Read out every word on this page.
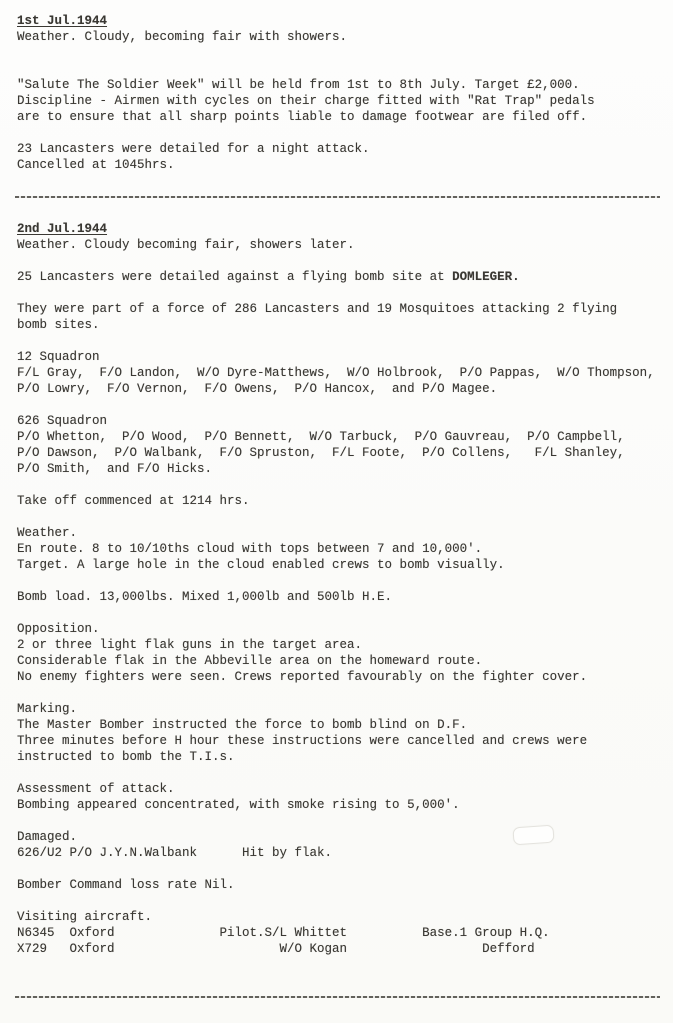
1st Jul.1944
Weather. Cloudy, becoming fair with showers.

"Salute The Soldier Week" will be held from 1st to 8th July. Target £2,000.
Discipline - Airmen with cycles on their charge fitted with "Rat Trap" pedals
are to ensure that all sharp points liable to damage footwear are filed off.

23 Lancasters were detailed for a night attack.
Cancelled at 1045hrs.

2nd Jul.1944
Weather. Cloudy becoming fair, showers later.

25 Lancasters were detailed against a flying bomb site at DOMLEGER.

They were part of a force of 286 Lancasters and 19 Mosquitoes attacking 2 flying
bomb sites.

12 Squadron
F/L Gray,  F/O Landon,  W/O Dyre-Matthews,  W/O Holbrook,  P/O Pappas,  W/O Thompson,
P/O Lowry,  F/O Vernon,  F/O Owens,  P/O Hancox,  and P/O Magee.

626 Squadron
P/O Whetton,  P/O Wood,  P/O Bennett,  W/O Tarbuck,  P/O Gauvreau,  P/O Campbell,
P/O Dawson,  P/O Walbank,  F/O Spruston,  F/L Foote,  P/O Collens,   F/L Shanley,
P/O Smith,  and F/O Hicks.

Take off commenced at 1214 hrs.

Weather.
En route. 8 to 10/10ths cloud with tops between 7 and 10,000'.
Target. A large hole in the cloud enabled crews to bomb visually.

Bomb load. 13,000lbs. Mixed 1,000lb and 500lb H.E.

Opposition.
2 or three light flak guns in the target area.
Considerable flak in the Abbeville area on the homeward route.
No enemy fighters were seen. Crews reported favourably on the fighter cover.

Marking.
The Master Bomber instructed the force to bomb blind on D.F.
Three minutes before H hour these instructions were cancelled and crews were
instructed to bomb the T.I.s.

Assessment of attack.
Bombing appeared concentrated, with smoke rising to 5,000'.

Damaged.
626/U2 P/O J.Y.N.Walbank      Hit by flak.

Bomber Command loss rate Nil.

Visiting aircraft.
N6345  Oxford              Pilot.S/L Whittet          Base.1 Group H.Q.
X729   Oxford                      W/O Kogan                  Defford
